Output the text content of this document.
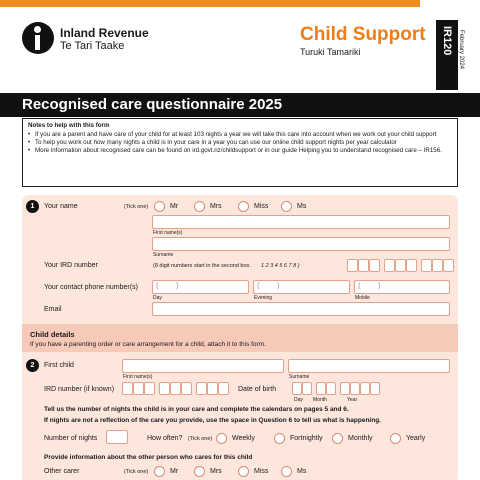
Inland Revenue
Te Tari Taake
Child Support
Turuki Tamariki	IR120 February 2024
Recognised care questionnaire 2025
Notes to help with this form
• If you are a parent and have care of your child for at least 103 nights a year we will take this care into account when we work out your child support
• To help you work out how many nights a child is in your care in a year you can use our online child support nights per year calculator
• More information about recognised care can be found on ird.govt.nz/childsupport or in our guide Helping you to understand recognised care – IR156.
1	Your name	(Tick one)	Mr	Mrs	Miss	Ms
First name(s)
Surname
Your IRD number	(8 digit numbers start in the second box. 1 2 3 4 5 6 7 8 )
Your contact phone number(s) ( )	( )	( )
Day	Evening	Mobile
Email
Child details
If you have a parenting order or care arrangement for a child, attach it to this form.
2	First child
First name(s)	Surname
IRD number (if known)	Date of birth
Day Month	Year
Tell us the number of nights the child is in your care and complete the calendars on pages 5 and 6.
If nights are not a reflection of the care you provide, use the space in Question 6 to tell us what is happening.
Number of nights	How often? (Tick one)	Weekly	Fortnightly	Monthly	Yearly
Provide information about the other person who cares for this child
Other carer	(Tick one)	Mr	Mrs	Miss	Ms
